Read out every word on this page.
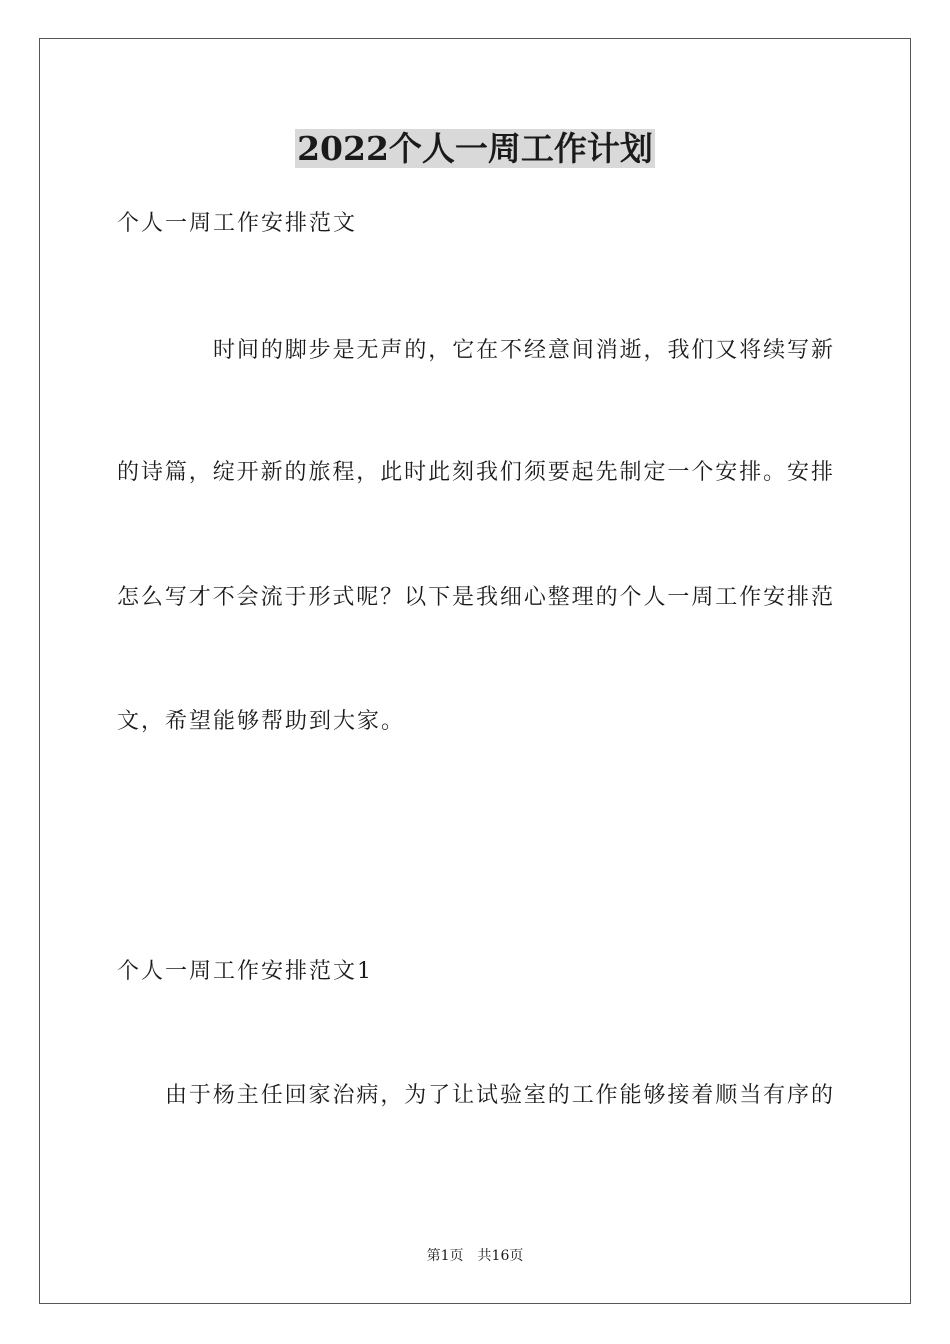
2022个人一周工作计划
个人一周工作安排范文
时间的脚步是无声的，它在不经意间消逝，我们又将续写新
的诗篇，绽开新的旅程，此时此刻我们须要起先制定一个安排。安排
怎么写才不会流于形式呢？以下是我细心整理的个人一周工作安排范
文，希望能够帮助到大家。
个人一周工作安排范文1
由于杨主任回家治病，为了让试验室的工作能够接着顺当有序的
第1页 共16页
